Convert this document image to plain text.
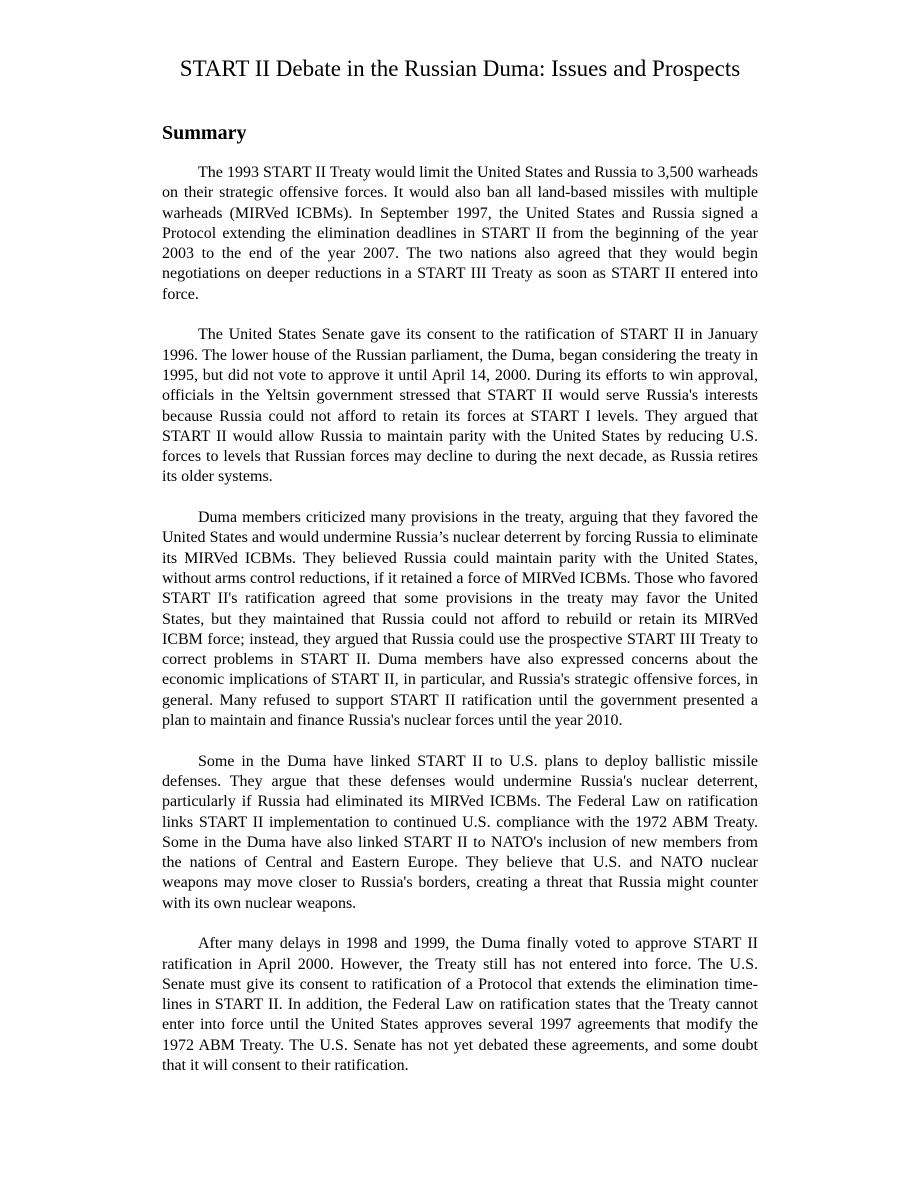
START II Debate in the Russian Duma: Issues and Prospects
Summary

The 1993 START II Treaty would limit the United States and Russia to 3,500 warheads on their strategic offensive forces. It would also ban all land-based missiles with multiple warheads (MIRVed ICBMs). In September 1997, the United States and Russia signed a Protocol extending the elimination deadlines in START II from the beginning of the year 2003 to the end of the year 2007. The two nations also agreed that they would begin negotiations on deeper reductions in a START III Treaty as soon as START II entered into force.

The United States Senate gave its consent to the ratification of START II in January 1996. The lower house of the Russian parliament, the Duma, began considering the treaty in 1995, but did not vote to approve it until April 14, 2000. During its efforts to win approval, officials in the Yeltsin government stressed that START II would serve Russia's interests because Russia could not afford to retain its forces at START I levels. They argued that START II would allow Russia to maintain parity with the United States by reducing U.S. forces to levels that Russian forces may decline to during the next decade, as Russia retires its older systems.

Duma members criticized many provisions in the treaty, arguing that they favored the United States and would undermine Russia’s nuclear deterrent by forcing Russia to eliminate its MIRVed ICBMs. They believed Russia could maintain parity with the United States, without arms control reductions, if it retained a force of MIRVed ICBMs. Those who favored START II's ratification agreed that some provisions in the treaty may favor the United States, but they maintained that Russia could not afford to rebuild or retain its MIRVed ICBM force; instead, they argued that Russia could use the prospective START III Treaty to correct problems in START II. Duma members have also expressed concerns about the economic implications of START II, in particular, and Russia's strategic offensive forces, in general. Many refused to support START II ratification until the government presented a plan to maintain and finance Russia's nuclear forces until the year 2010.

Some in the Duma have linked START II to U.S. plans to deploy ballistic missile defenses. They argue that these defenses would undermine Russia's nuclear deterrent, particularly if Russia had eliminated its MIRVed ICBMs. The Federal Law on ratification links START II implementation to continued U.S. compliance with the 1972 ABM Treaty. Some in the Duma have also linked START II to NATO's inclusion of new members from the nations of Central and Eastern Europe. They believe that U.S. and NATO nuclear weapons may move closer to Russia's borders, creating a threat that Russia might counter with its own nuclear weapons.

After many delays in 1998 and 1999, the Duma finally voted to approve START II ratification in April 2000. However, the Treaty still has not entered into force. The U.S. Senate must give its consent to ratification of a Protocol that extends the elimination time-lines in START II. In addition, the Federal Law on ratification states that the Treaty cannot enter into force until the United States approves several 1997 agreements that modify the 1972 ABM Treaty. The U.S. Senate has not yet debated these agreements, and some doubt that it will consent to their ratification.
